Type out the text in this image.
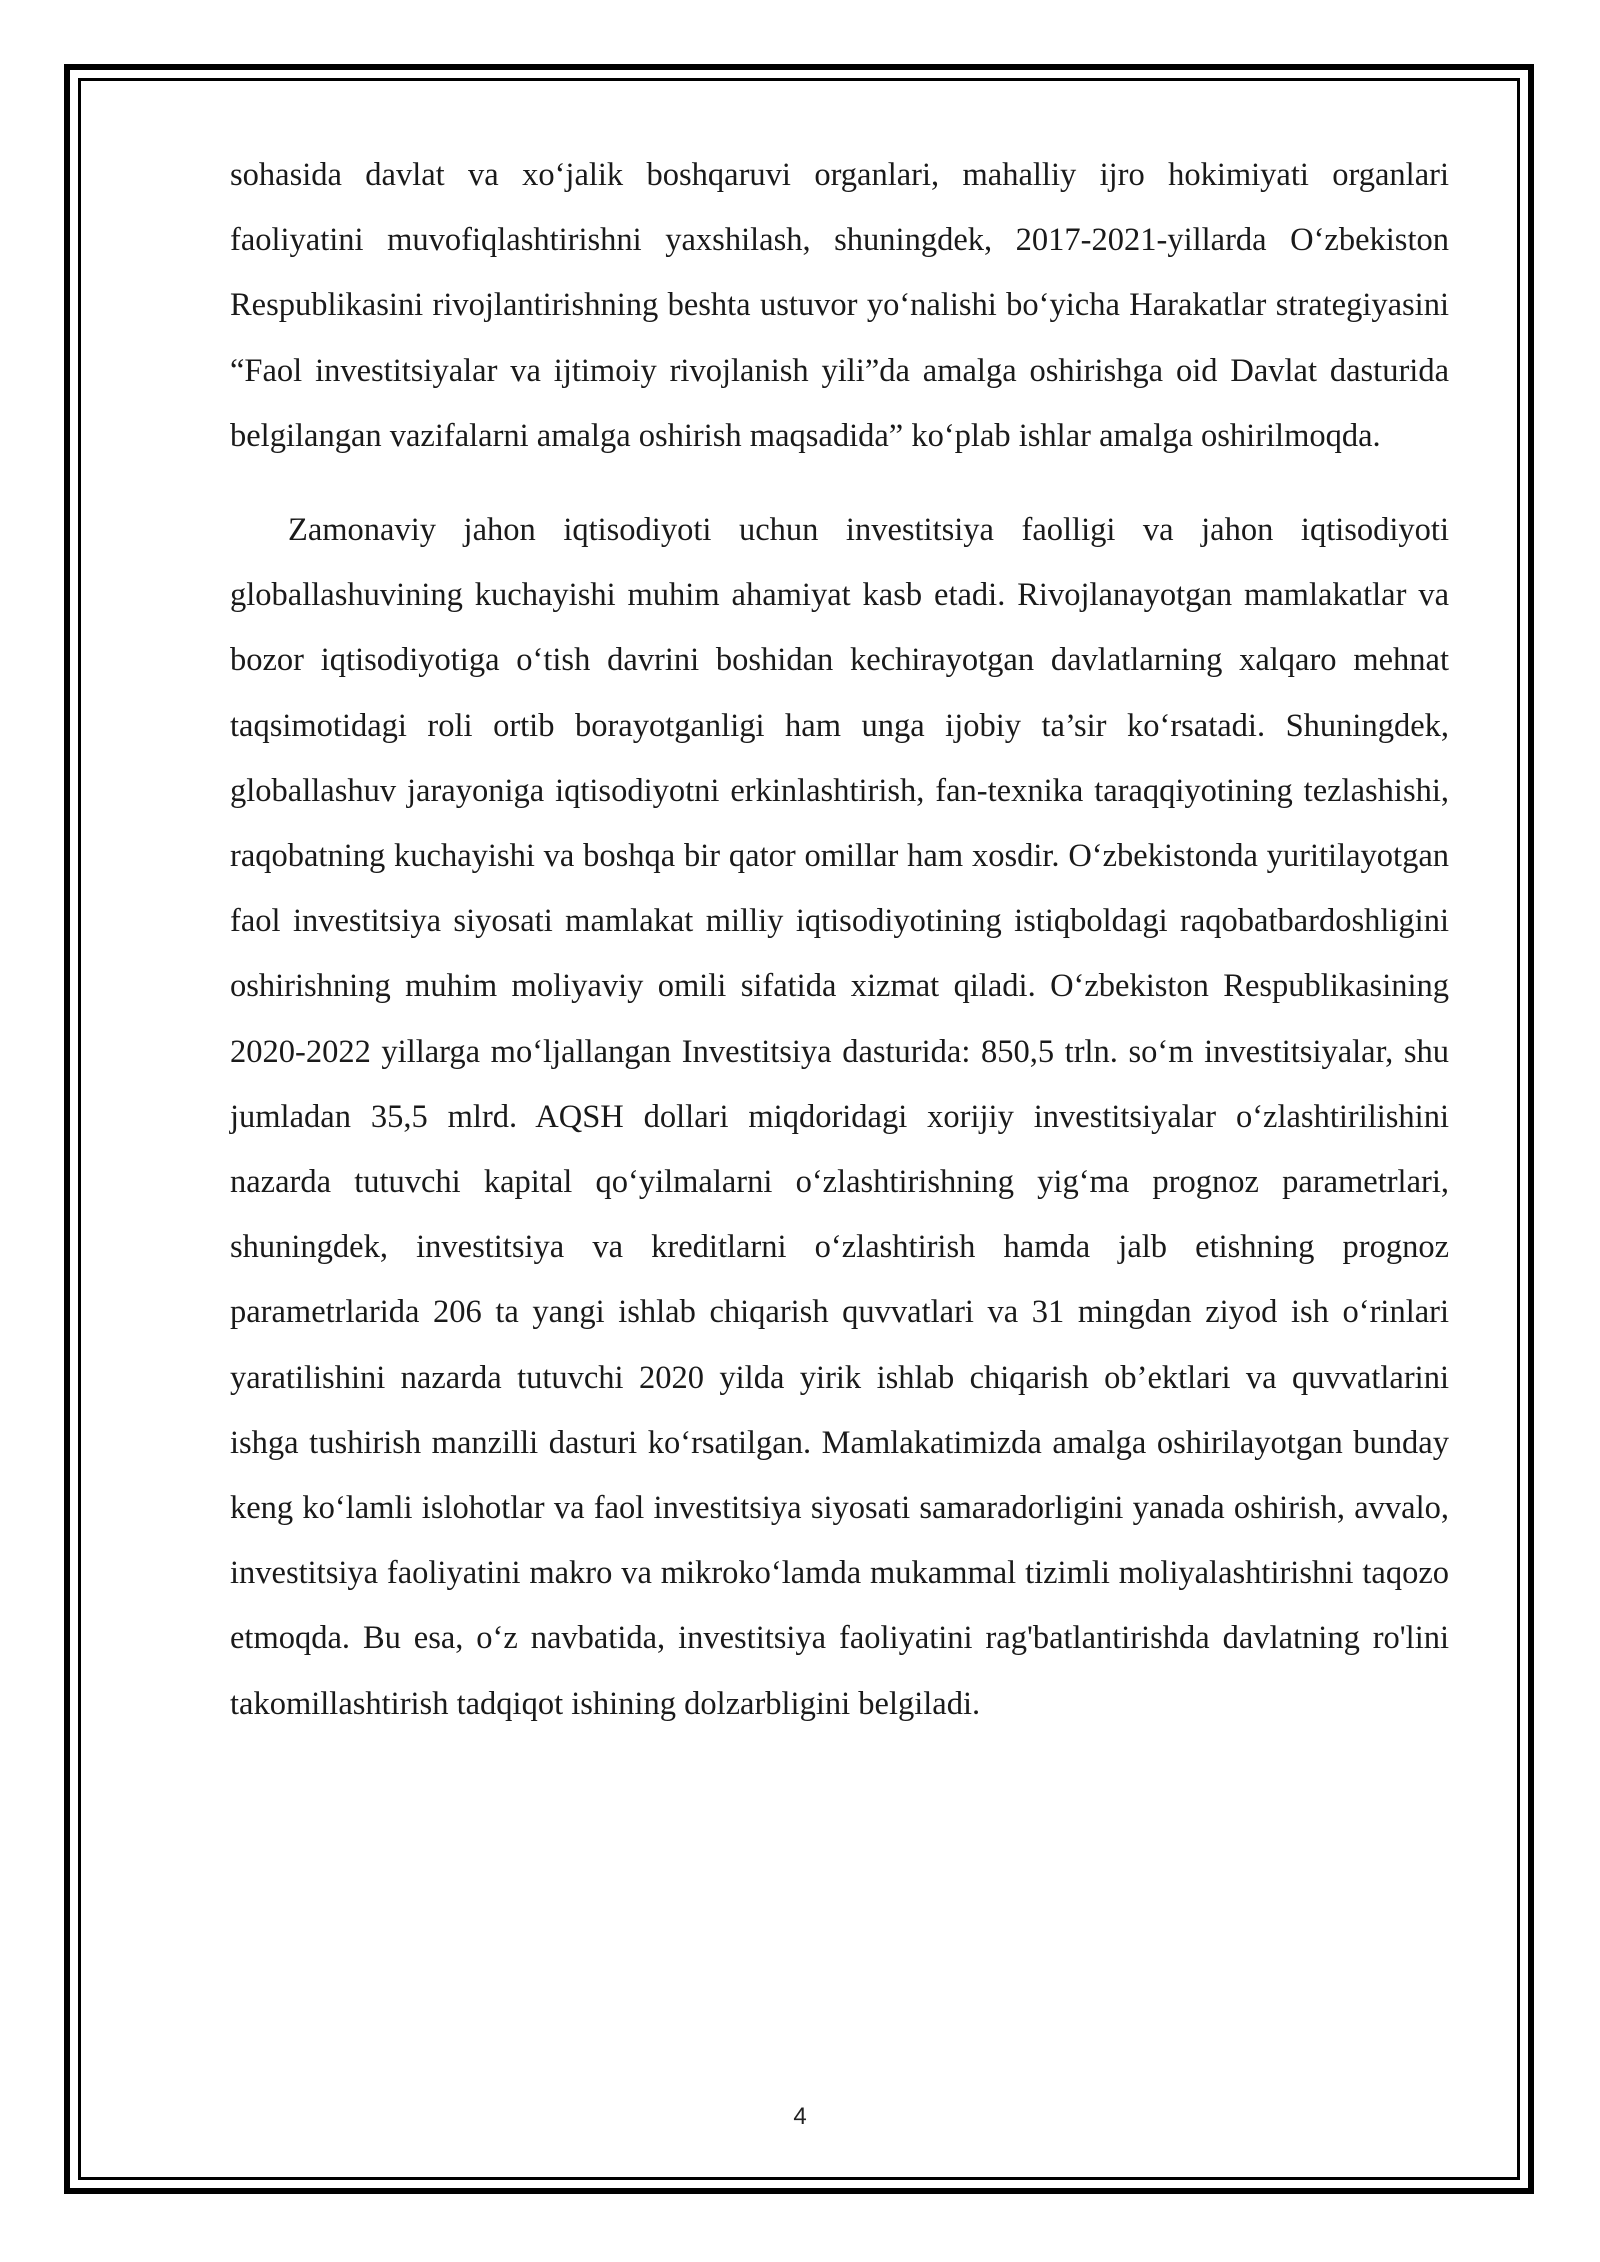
sohasida davlat va xo‘jalik boshqaruvi organlari, mahalliy ijro hokimiyati organlari faoliyatini muvofiqlashtirishni yaxshilash, shuningdek, 2017-2021-yillarda O‘zbekiston Respublikasini rivojlantirishning beshta ustuvor yo‘nalishi bo‘yicha Harakatlar strategiyasini “Faol investitsiyalar va ijtimoiy rivojlanish yili”da amalga oshirishga oid Davlat dasturida belgilangan vazifalarni amalga oshirish maqsadida” ko‘plab ishlar amalga oshirilmoqda.

Zamonaviy jahon iqtisodiyoti uchun investitsiya faolligi va jahon iqtisodiyoti globallashuvining kuchayishi muhim ahamiyat kasb etadi. Rivojlanayotgan mamlakatlar va bozor iqtisodiyotiga o‘tish davrini boshidan kechirayotgan davlatlarning xalqaro mehnat taqsimotidagi roli ortib borayotganligi ham unga ijobiy ta’sir ko‘rsatadi. Shuningdek, globallashuv jarayoniga iqtisodiyotni erkinlashtirish, fan-texnika taraqqiyotining tezlashishi, raqobatning kuchayishi va boshqa bir qator omillar ham xosdir. O‘zbekistonda yuritilayotgan faol investitsiya siyosati mamlakat milliy iqtisodiyotining istiqboldagi raqobatbardoshligini oshirishning muhim moliyaviy omili sifatida xizmat qiladi. O‘zbekiston Respublikasining 2020-2022 yillarga mo‘ljallangan Investitsiya dasturida: 850,5 trln. so‘m investitsiyalar, shu jumladan 35,5 mlrd. AQSH dollari miqdoridagi xorijiy investitsiyalar o‘zlashtirilishini nazarda tutuvchi kapital qo‘yilmalarni o‘zlashtirishning yig‘ma prognoz parametrlari, shuningdek, investitsiya va kreditlarni o‘zlashtirish hamda jalb etishning prognoz parametrlarida 206 ta yangi ishlab chiqarish quvvatlari va 31 mingdan ziyod ish o‘rinlari yaratilishini nazarda tutuvchi 2020 yilda yirik ishlab chiqarish ob’ektlari va quvvatlarini ishga tushirish manzilli dasturi ko‘rsatilgan. Mamlakatimizda amalga oshirilayotgan bunday keng ko‘lamli islohotlar va faol investitsiya siyosati samaradorligini yanada oshirish, avvalo, investitsiya faoliyatini makro va mikroko‘lamda mukammal tizimli moliyalashtirishni taqozo etmoqda. Bu esa, o‘z navbatida, investitsiya faoliyatini rag'batlantirishda davlatning ro'lini takomillashtirish tadqiqot ishining dolzarbligini belgiladi.

4
